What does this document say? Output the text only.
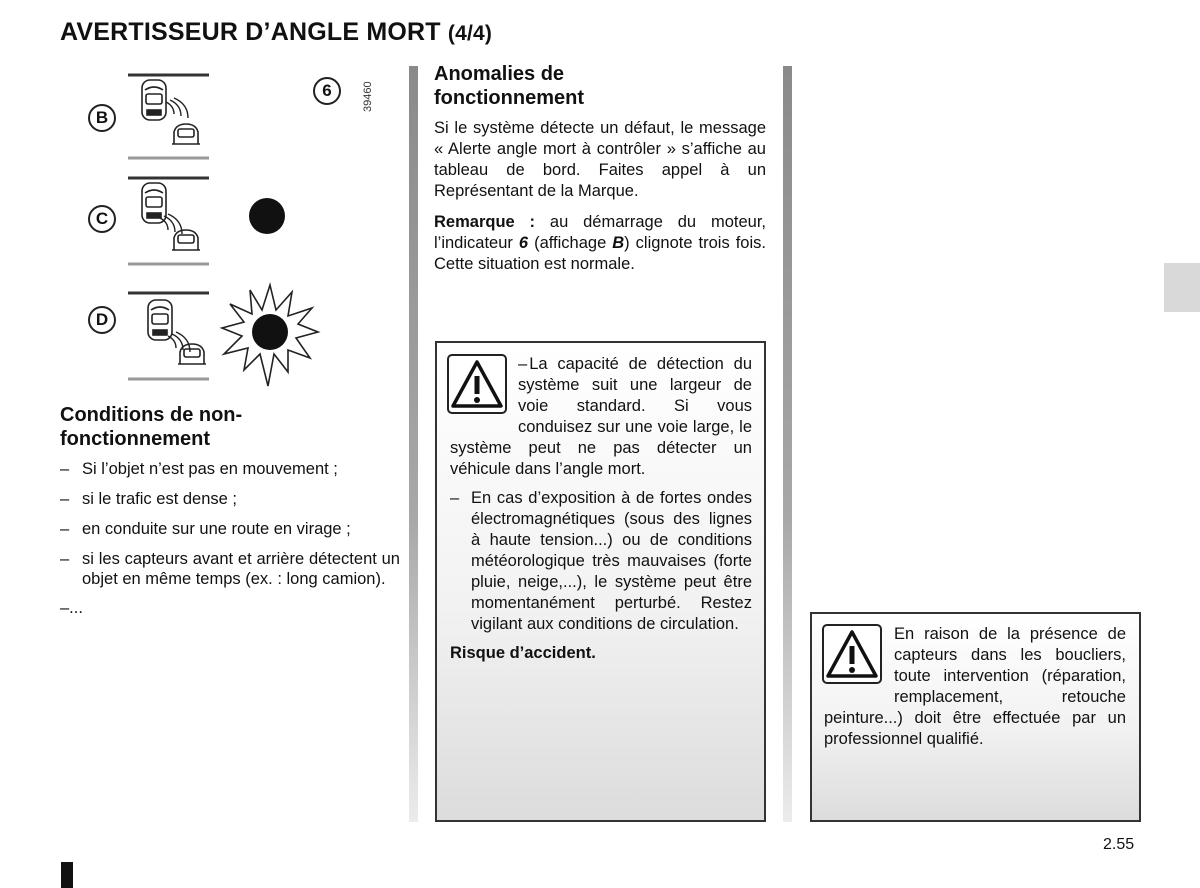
AVERTISSEUR D’ANGLE MORT (4/4)
B
C
D
6	39460
Conditions de non-
fonctionnement
– Si l’objet n’est pas en mouvement ;
– si le trafic est dense ;
– en conduite sur une route en virage ;
– si les capteurs avant et arrière détectent un objet en même temps (ex. : long camion).
–...
Anomalies de
fonctionnement

Si le système détecte un défaut, le message « Alerte angle mort à contrôler » s’affiche au tableau de bord. Faites appel à un Représentant de la Marque.

Remarque : au démarrage du moteur, l’indicateur 6 (affichage B) clignote trois fois. Cette situation est normale.

– La capacité de détection du système suit une largeur de voie standard. Si vous conduisez sur une voie large, le système peut ne pas détecter un véhicule dans l’angle mort.
– En cas d’exposition à de fortes ondes électromagnétiques (sous des lignes à haute tension...) ou de conditions météorologique très mauvaises (forte pluie, neige,...), le système peut être momentanément perturbé. Restez vigilant aux conditions de circulation.
Risque d’accident.
En raison de la présence de capteurs dans les boucliers, toute intervention (réparation, remplacement, retouche peinture...) doit être effectuée par un professionnel qualifié.
2.55
